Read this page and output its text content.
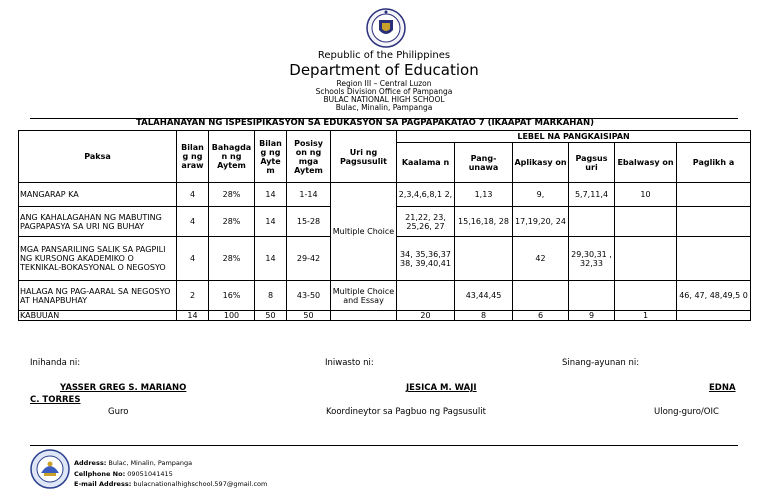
Republic of the Philippines
Department of Education
Region III – Central Luzon
Schools Division Office of Pampanga
BULAC NATIONAL HIGH SCHOOL
Bulac, Minalin, Pampanga
TALAHANAYAN NG ISPESIPIKASYON SA EDUKASYON SA PAGPAPAKATAO 7 (IKAAPAT MARKAHAN)
Paksa	Bilan g ng araw	Bahagda n ng Aytem	Bilan g ng Ayte m	Posisy on ng mga Aytem	Uri ng Pagsusulit	LEBEL NA PANGKAISIPAN					
						Kaalama n	Pang-unawa	Aplikasy on	Pagsus uri	Ebalwasy on	Paglikh a
MANGARAP KA	4	28%	14	1-14	Multiple Choice	2,3,4,6,8,1 2,	1,13	9,	5,7,11,4	10	
ANG KAHALAGAHAN NG MABUTING PAGPAPASYA SA URI NG BUHAY	4	28%	14	15-28		21,22, 23, 25,26, 27	15,16,18, 28	17,19,20, 24			
MGA PANSARILING SALIK SA PAGPILI NG KURSONG AKADEMIKO O TEKNIKAL-BOKASYONAL O NEGOSYO	4	28%	14	29-42		34, 35,36,37 38, 39,40,41		42	29,30,31 , 32,33		
HALAGA NG PAG-AARAL SA NEGOSYO AT HANAPBUHAY	2	16%	8	43-50	Multiple Choice and Essay		43,44,45				46, 47, 48,49,5 0
KABUUAN	14	100	50	50		20	8	6	9	1	
Inihanda ni:	Iniwasto ni:	Sinang-ayunan ni:
YASSER GREG S. MARIANO	JESICA M. WAJI	EDNA
C. TORRES
Guro	Koordineytor sa Pagbuo ng Pagsusulit	Ulong-guro/OIC
Address: Bulac, Minalin, Pampanga
Cellphone No: 09051041415
E-mail Address: bulacnationalhighschool.597@gmail.com
